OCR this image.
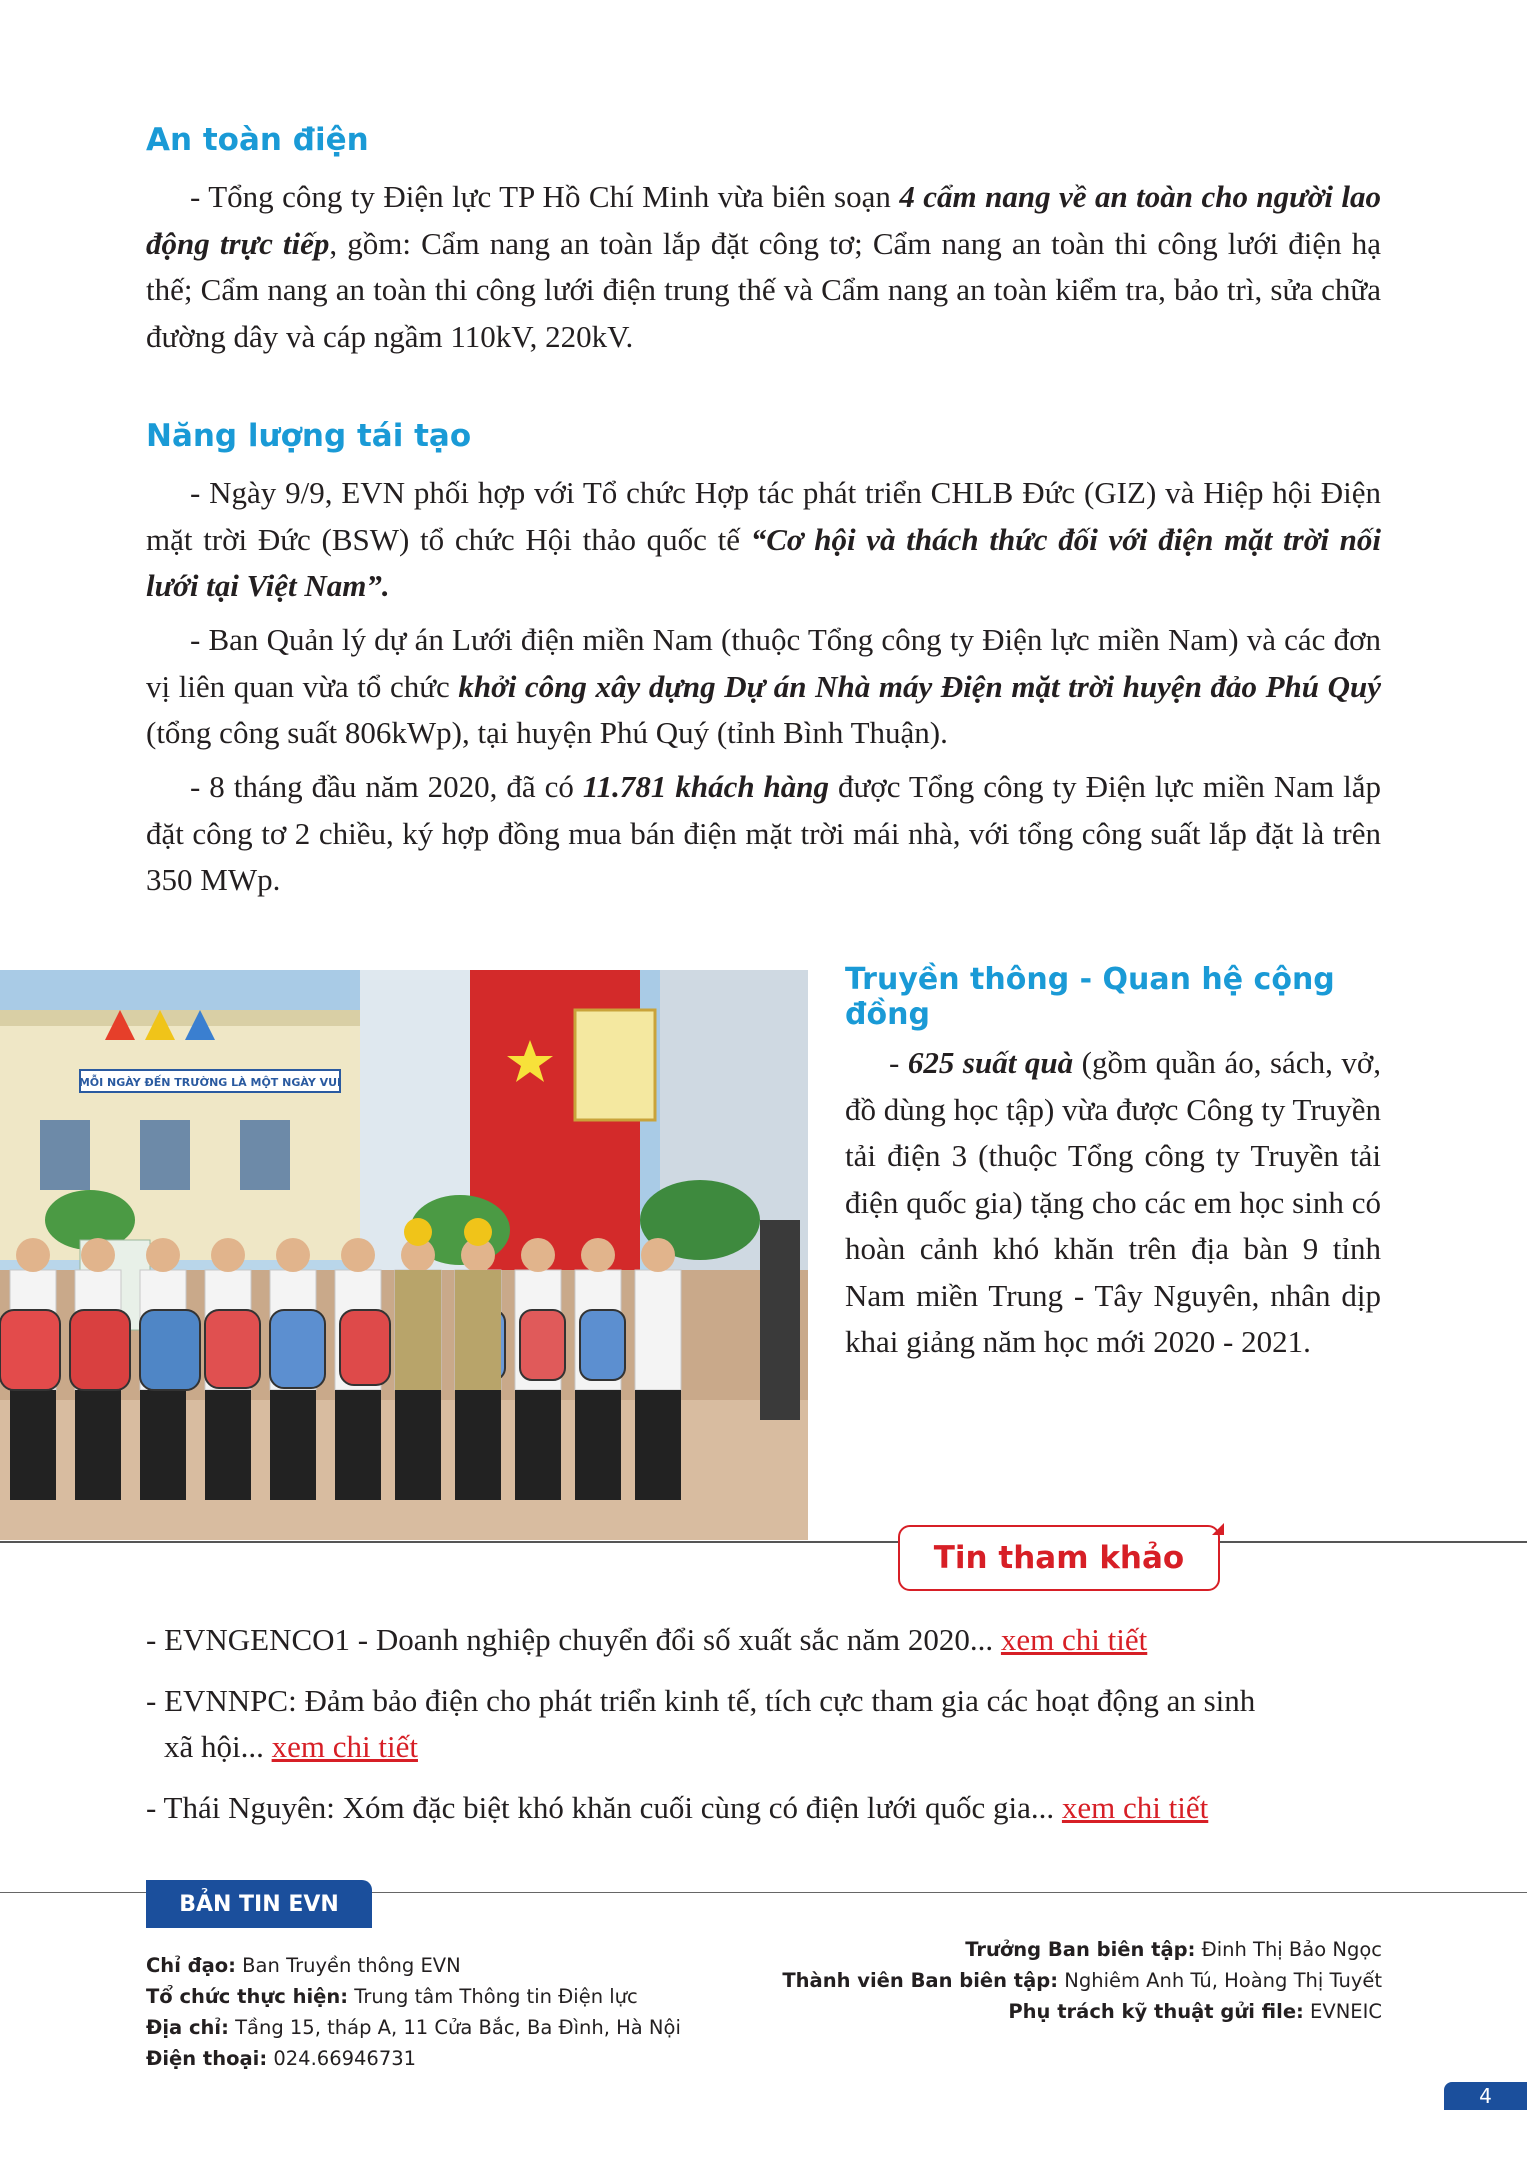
An toàn điện

- Tổng công ty Điện lực TP Hồ Chí Minh vừa biên soạn 4 cẩm nang về an toàn cho người lao động trực tiếp, gồm: Cẩm nang an toàn lắp đặt công tơ; Cẩm nang an toàn thi công lưới điện hạ thế; Cẩm nang an toàn thi công lưới điện trung thế và Cẩm nang an toàn kiểm tra, bảo trì, sửa chữa đường dây và cáp ngầm 110kV, 220kV.

Năng lượng tái tạo

- Ngày 9/9, EVN phối hợp với Tổ chức Hợp tác phát triển CHLB Đức (GIZ) và Hiệp hội Điện mặt trời Đức (BSW) tổ chức Hội thảo quốc tế “Cơ hội và thách thức đối với điện mặt trời nối lưới tại Việt Nam”.

- Ban Quản lý dự án Lưới điện miền Nam (thuộc Tổng công ty Điện lực miền Nam) và các đơn vị liên quan vừa tổ chức khởi công xây dựng Dự án Nhà máy Điện mặt trời huyện đảo Phú Quý (tổng công suất 806kWp), tại huyện Phú Quý (tỉnh Bình Thuận).

- 8 tháng đầu năm 2020, đã có 11.781 khách hàng được Tổng công ty Điện lực miền Nam lắp đặt công tơ 2 chiều, ký hợp đồng mua bán điện mặt trời mái nhà, với tổng công suất lắp đặt là trên 350 MWp.

MỖI NGÀY ĐẾN TRƯỜNG LÀ MỘT NGÀY VUI
Truyền thông - Quan hệ cộng đồng

- 625 suất quà (gồm quần áo, sách, vở, đồ dùng học tập) vừa được Công ty Truyền tải điện 3 (thuộc Tổng công ty Truyền tải điện quốc gia) tặng cho các em học sinh có hoàn cảnh khó khăn trên địa bàn 9 tỉnh Nam miền Trung - Tây Nguyên, nhân dịp khai giảng năm học mới 2020 - 2021.

Tin tham khảo

- EVNGENCO1 - Doanh nghiệp chuyển đổi số xuất sắc năm 2020... xem chi tiết

- EVNNPC: Đảm bảo điện cho phát triển kinh tế, tích cực tham gia các hoạt động an sinh
xã hội... xem chi tiết

- Thái Nguyên: Xóm đặc biệt khó khăn cuối cùng có điện lưới quốc gia... xem chi tiết

BẢN TIN EVN
Chỉ đạo: Ban Truyền thông EVN
Tổ chức thực hiện: Trung tâm Thông tin Điện lực
Địa chỉ: Tầng 15, tháp A, 11 Cửa Bắc, Ba Đình, Hà Nội
Điện thoại: 024.66946731
Trưởng Ban biên tập: Đinh Thị Bảo Ngọc
Thành viên Ban biên tập: Nghiêm Anh Tú, Hoàng Thị Tuyết
Phụ trách kỹ thuật gửi file: EVNEIC
4
